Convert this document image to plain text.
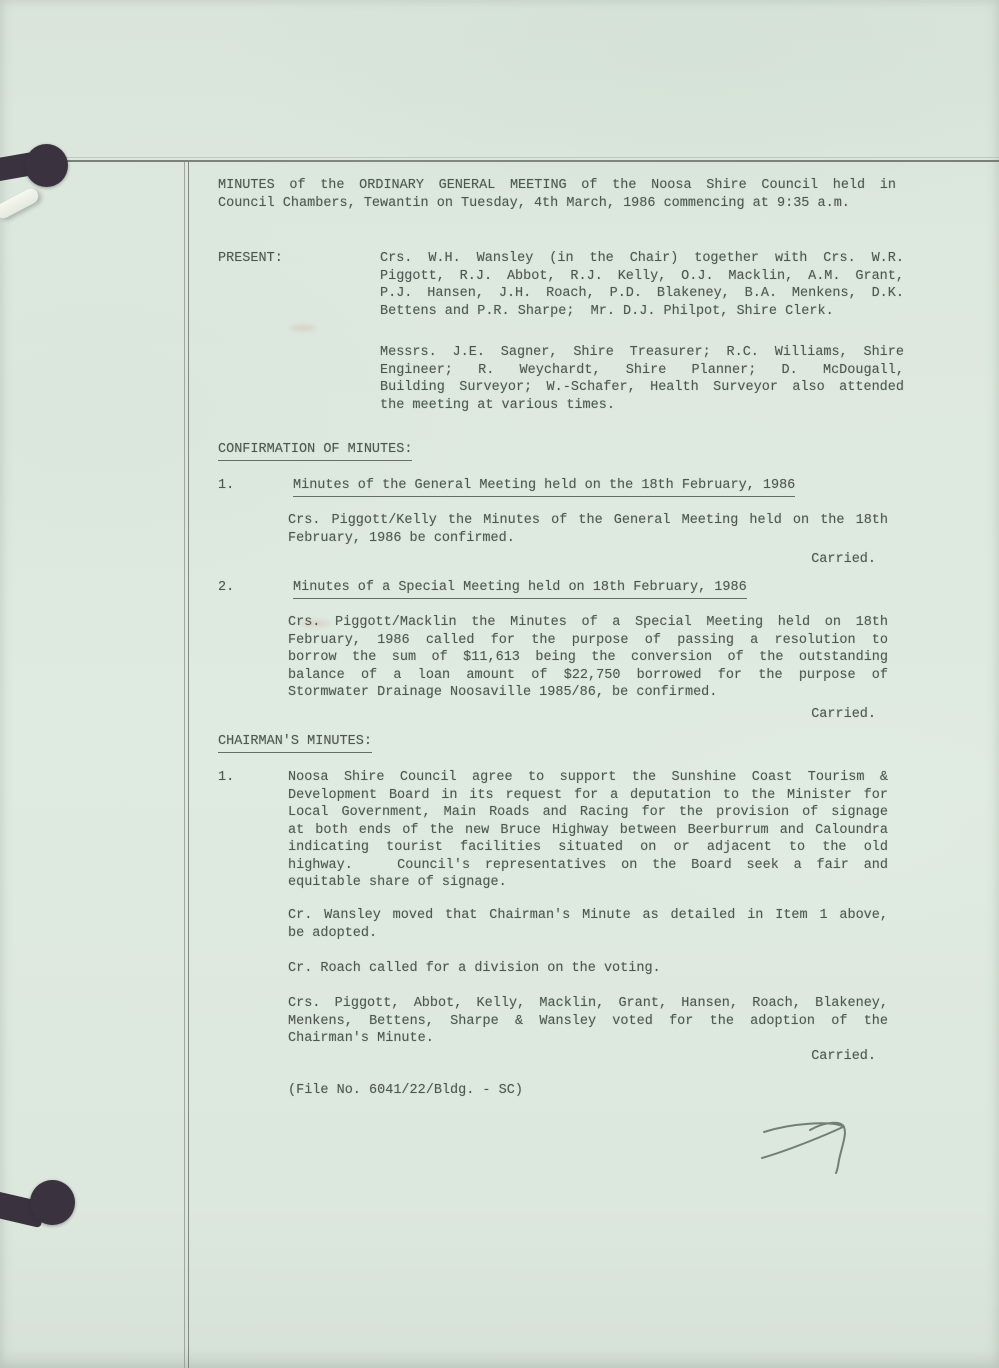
MINUTES of the ORDINARY GENERAL MEETING of the Noosa Shire Council held in
Council Chambers, Tewantin on Tuesday, 4th March, 1986 commencing at 9:35 a.m.
PRESENT:	Crs. W.H. Wansley (in the Chair) together with Crs. W.R.
Piggott, R.J. Abbot, R.J. Kelly, O.J. Macklin, A.M. Grant,
P.J. Hansen, J.H. Roach, P.D. Blakeney, B.A. Menkens, D.K.
Bettens and P.R. Sharpe;  Mr. D.J. Philpot, Shire Clerk.
Messrs. J.E. Sagner, Shire Treasurer; R.C. Williams, Shire
Engineer; R. Weychardt, Shire Planner; D. McDougall,
Building Surveyor; W.-Schafer, Health Surveyor also attended
the meeting at various times.
CONFIRMATION OF MINUTES:
1.	Minutes of the General Meeting held on the 18th February, 1986
Crs. Piggott/Kelly the Minutes of the General Meeting held on the 18th
February, 1986 be confirmed.
Carried.
2.	Minutes of a Special Meeting held on 18th February, 1986
Crs. Piggott/Macklin the Minutes of a Special Meeting held on 18th
February, 1986 called for the purpose of passing a resolution to
borrow the sum of $11,613 being the conversion of the outstanding
balance of a loan amount of $22,750 borrowed for the purpose of
Stormwater Drainage Noosaville 1985/86, be confirmed.
Carried.
CHAIRMAN'S MINUTES:
1.	Noosa Shire Council agree to support the Sunshine Coast Tourism &
Development Board in its request for a deputation to the Minister for
Local Government, Main Roads and Racing for the provision of signage
at both ends of the new Bruce Highway between Beerburrum and Caloundra
indicating tourist facilities situated on or adjacent to the old
highway.   Council's representatives on the Board seek a fair and
equitable share of signage.
Cr. Wansley moved that Chairman's Minute as detailed in Item 1 above,
be adopted.
Cr. Roach called for a division on the voting.
Crs. Piggott, Abbot, Kelly, Macklin, Grant, Hansen, Roach, Blakeney,
Menkens, Bettens, Sharpe & Wansley voted for the adoption of the
Chairman's Minute.
Carried.
(File No. 6041/22/Bldg. - SC)
